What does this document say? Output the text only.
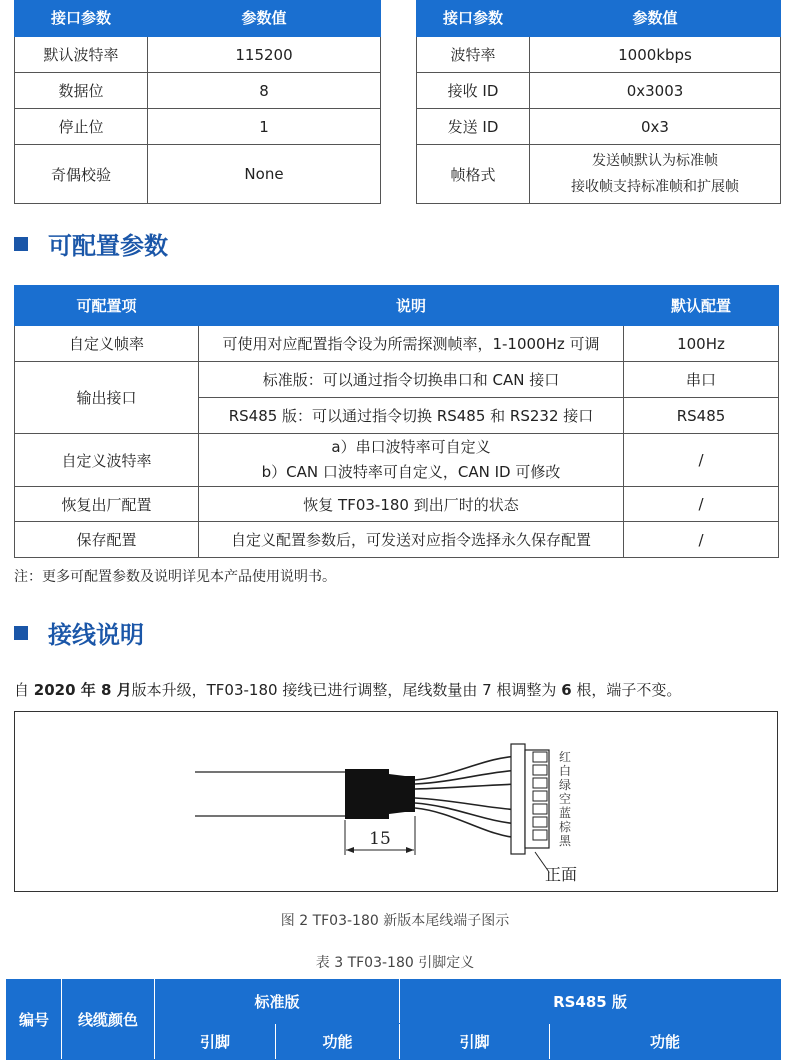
接口参数	参数值
默认波特率	115200
数据位	8
停止位	1
奇偶校验	None
接口参数	参数值
波特率	1000kbps
接收 ID	0x3003
发送 ID	0x3
帧格式	发送帧默认为标准帧
接收帧支持标准帧和扩展帧
可配置参数
可配置项	说明	默认配置
自定义帧率	可使用对应配置指令设为所需探测帧率，1-1000Hz 可调	100Hz
输出接口	标准版：可以通过指令切换串口和 CAN 接口	串口
	RS485 版：可以通过指令切换 RS485 和 RS232 接口	RS485
自定义波特率	a）串口波特率可自定义
b）CAN 口波特率可自定义，CAN ID 可修改	/
恢复出厂配置	恢复 TF03-180 到出厂时的状态	/
保存配置	自定义配置参数后，可发送对应指令选择永久保存配置	/
注：更多可配置参数及说明详见本产品使用说明书。
接线说明
自 2020 年 8 月版本升级，TF03-180 接线已进行调整，尾线数量由 7 根调整为 6 根，端子不变。
15
红
白
绿
空
蓝
棕
黑
正面
图 2 TF03-180 新版本尾线端子图示
表 3 TF03-180 引脚定义
编号	线缆颜色	标准版		RS485 版	
		引脚	功能	引脚	功能
